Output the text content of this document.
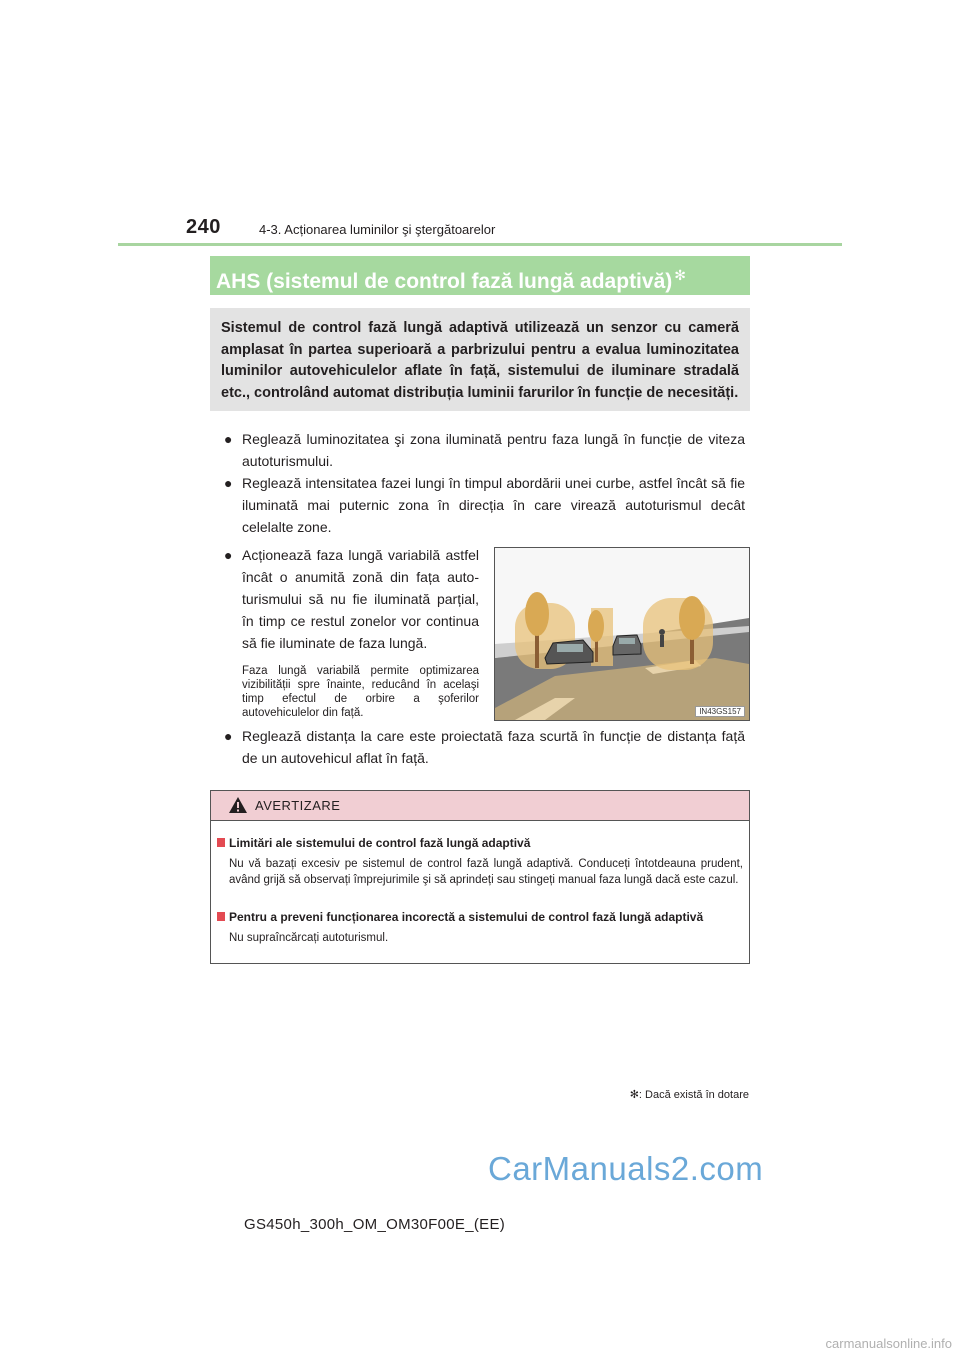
240	4-3. Acționarea luminilor şi ştergătoarelor
AHS (sistemul de control fază lungă adaptivă) ✻
Sistemul de control fază lungă adaptivă utilizează un senzor cu cameră amplasat în partea superioară a parbrizului pentru a evalua luminozitatea luminilor autovehiculelor aflate în față, sistemului de iluminare stradală etc., controlând automat distribuția luminii farurilor în funcție de necesități.
● Reglează luminozitatea şi zona iluminată pentru faza lungă în funcție de viteza autoturismului.
● Reglează intensitatea fazei lungi în timpul abordării unei curbe, astfel încât să fie iluminată mai puternic zona în direcția în care virează autoturismul decât celelalte zone.
● Acționează faza lungă variabilă astfel încât o anumită zonă din fața auto-turismului să nu fie iluminată parțial, în timp ce restul zonelor vor continua să fie iluminate de faza lungă.
Faza lungă variabilă permite optimizarea vizibilității spre înainte, reducând în acelaşi timp efectul de orbire a şoferilor autovehiculelor din față.	IN43GS157
● Reglează distanța la care este proiectată faza scurtă în funcție de distanța față de un autovehicul aflat în față.
AVERTIZARE
Limitări ale sistemului de control fază lungă adaptivă
Nu vă bazați excesiv pe sistemul de control fază lungă adaptivă. Conduceți întotdeauna prudent, având grijă să observați împrejurimile şi să aprindeți sau stingeți manual faza lungă dacă este cazul.
Pentru a preveni funcționarea incorectă a sistemului de control fază lungă adaptivă
Nu supraîncărcați autoturismul.
✻: Dacă există în dotare
CarManuals2.com
GS450h_300h_OM_OM30F00E_(EE)
carmanualsonline.info
